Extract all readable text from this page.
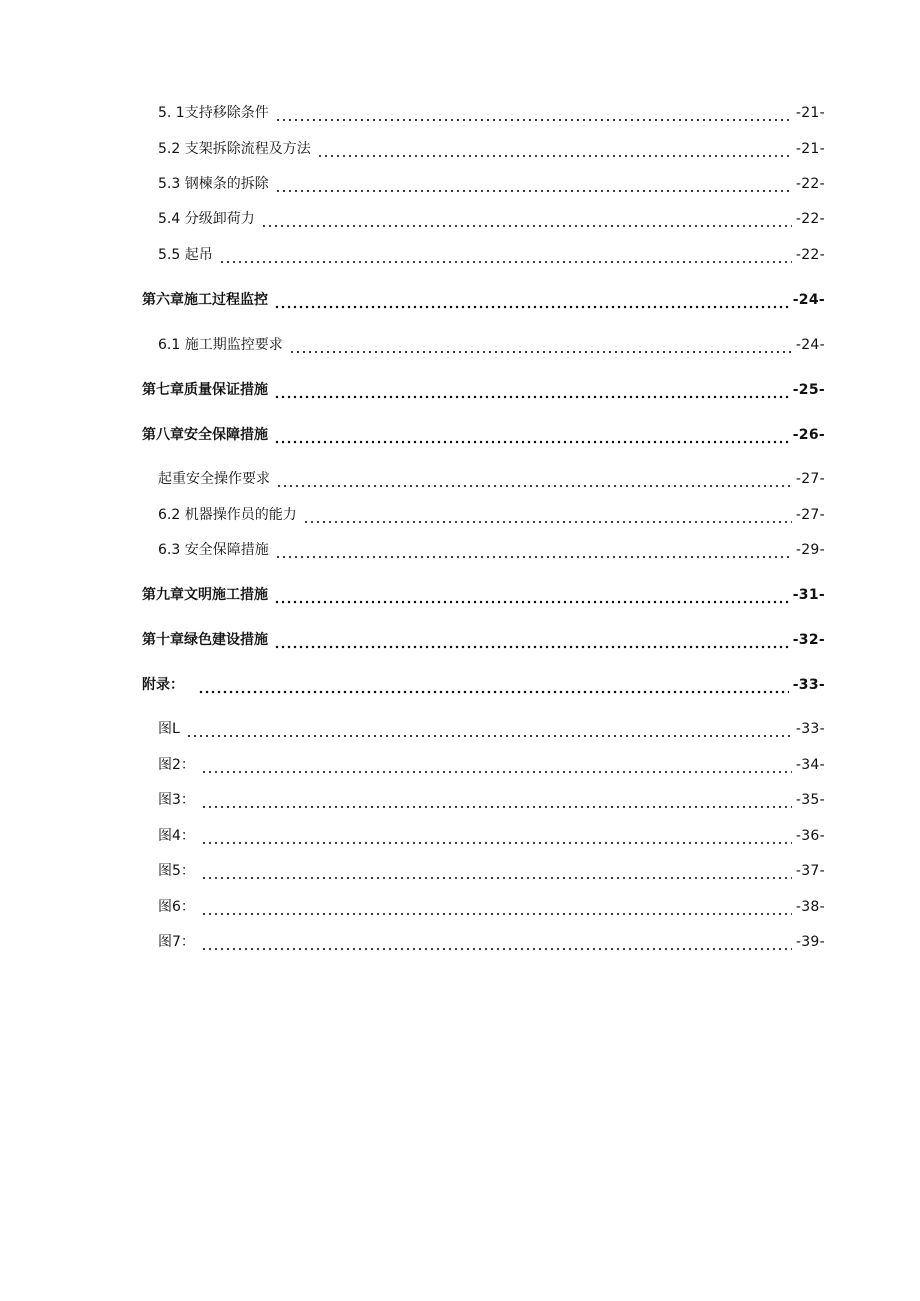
5. 1支持移除条件	-21-
5.2 支架拆除流程及方法	-21-
5.3 钢楝条的拆除	-22-
5.4 分级卸荷力	-22-
5.5 起吊	-22-
第六章施工过程监控	-24-
6.1 施工期监控要求	-24-
第七章质量保证措施	-25-
第八章安全保障措施	-26-
起重安全操作要求	-27-
6.2 机器操作员的能力	-27-
6.3 安全保障措施	-29-
第九章文明施工措施	-31-
第十章绿色建设措施	-32-
附录：	-33-
图L	-33-
图2：	-34-
图3：	-35-
图4：	-36-
图5：	-37-
图6：	-38-
图7：	-39-
